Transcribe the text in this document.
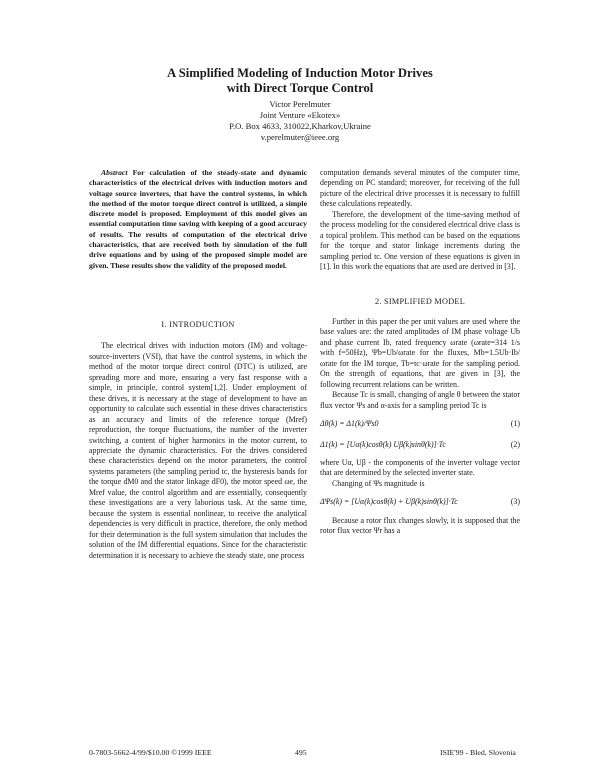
A Simplified Modeling of Induction Motor Drives
with Direct Torque Control
Victor Perelmuter
Joint Venture «Ekotex»
P.O. Box 4633, 310022,Kharkov,Ukraine
v.perelmuter@ieee.org

Abstract For calculation of the steady-state and dynamic characteristics of the electrical drives with induction motors and voltage source inverters, that have the control systems, in which the method of the motor torque direct control is utilized, a simple discrete model is proposed. Employment of this model gives an essential computation time saving with keeping of a good accuracy of results. The results of computation of the electrical drive characteristics, that are received both by simulation of the full drive equations and by using of the proposed simple model are given. These results show the validity of the proposed model.

I. INTRODUCTION

The electrical drives with induction motors (IM) and voltage-source-inverters (VSI), that have the control systems, in which the method of the motor torque direct control (DTC) is utilized, are spreading more and more, ensuring a very fast response with a simple, in principle, control system[1,2]. Under employment of these drives, it is necessary at the stage of development to have an opportunity to calculate such essential in these drives characteristics as an accuracy and limits of the reference torque (Mref) reproduction, the torque fluctuations, the number of the inverter switching, a content of higher harmonics in the motor current, to appreciate the dynamic characteristics. For the drives considered these characteristics depend on the motor parameters, the control systems parameters (the sampling period tc, the hysteresis bands for the torque dM0 and the stator linkage dF0), the motor speed ωe, the Mref value, the control algorithm and are essentially, consequently these investigations are a very laborious task. At the same time, because the system is essential nonlinear, to receive the analytical dependencies is very difficult in practice, therefore, the only method for their determination is the full system simulation that includes the solution of the IM differential equations. Since for the characteristic determination it is necessary to achieve the steady state, one process

computation demands several minutes of the computer time, depending on PC standard; moreover, for receiving of the full picture of the electrical drive processes it is necessary to fulfill these calculations repeatedly.

Therefore, the development of the time-saving method of the process modeling for the considered electrical drive class is a topical problem. This method can be based on the equations for the torque and stator linkage increments during the sampling period tc. One version of these equations is given in [1]. In this work the equations that are used are derived in [3].

2. SIMPLIFIED MODEL

Further in this paper the per unit values are used where the base values are: the rated amplitudes of IM phase voltage Ub and phase current Ib, rated frequency ωrate (ωrate=314 1/s with f=50Hz), Ψb=Ub/ωrate for the fluxes, Mb=1.5Ub·Ib/ωrate for the IM torque, Tb=tc·ωrate for the sampling period. On the strength of equations, that are given in [3], the following recurrent relations can be written.

Because Tc is small, changing of angle θ between the stator flux vector Ψs and α-axis for a sampling period Tc is

Δθ(k) = Δ1(k)/Ψs0	(1)
Δ1(k) = [Uα(k)cosθ(k) Uβ(k)sinθ(k)]·Tc	(2)

where Uα, Uβ - the components of the inverter voltage vector that are determined by the selected inverter state.

Changing of Ψs magnitude is

ΔΨs(k) = [Uα(k)cosθ(k) + Uβ(k)sinθ(k)]·Tc	(3)

Because a rotor flux changes slowly, it is supposed that the rotor flux vector Ψr has a

0-7803-5662-4/99/$10.00 ©1999 IEEE	495	ISIE'99 - Bled, Slovenia
